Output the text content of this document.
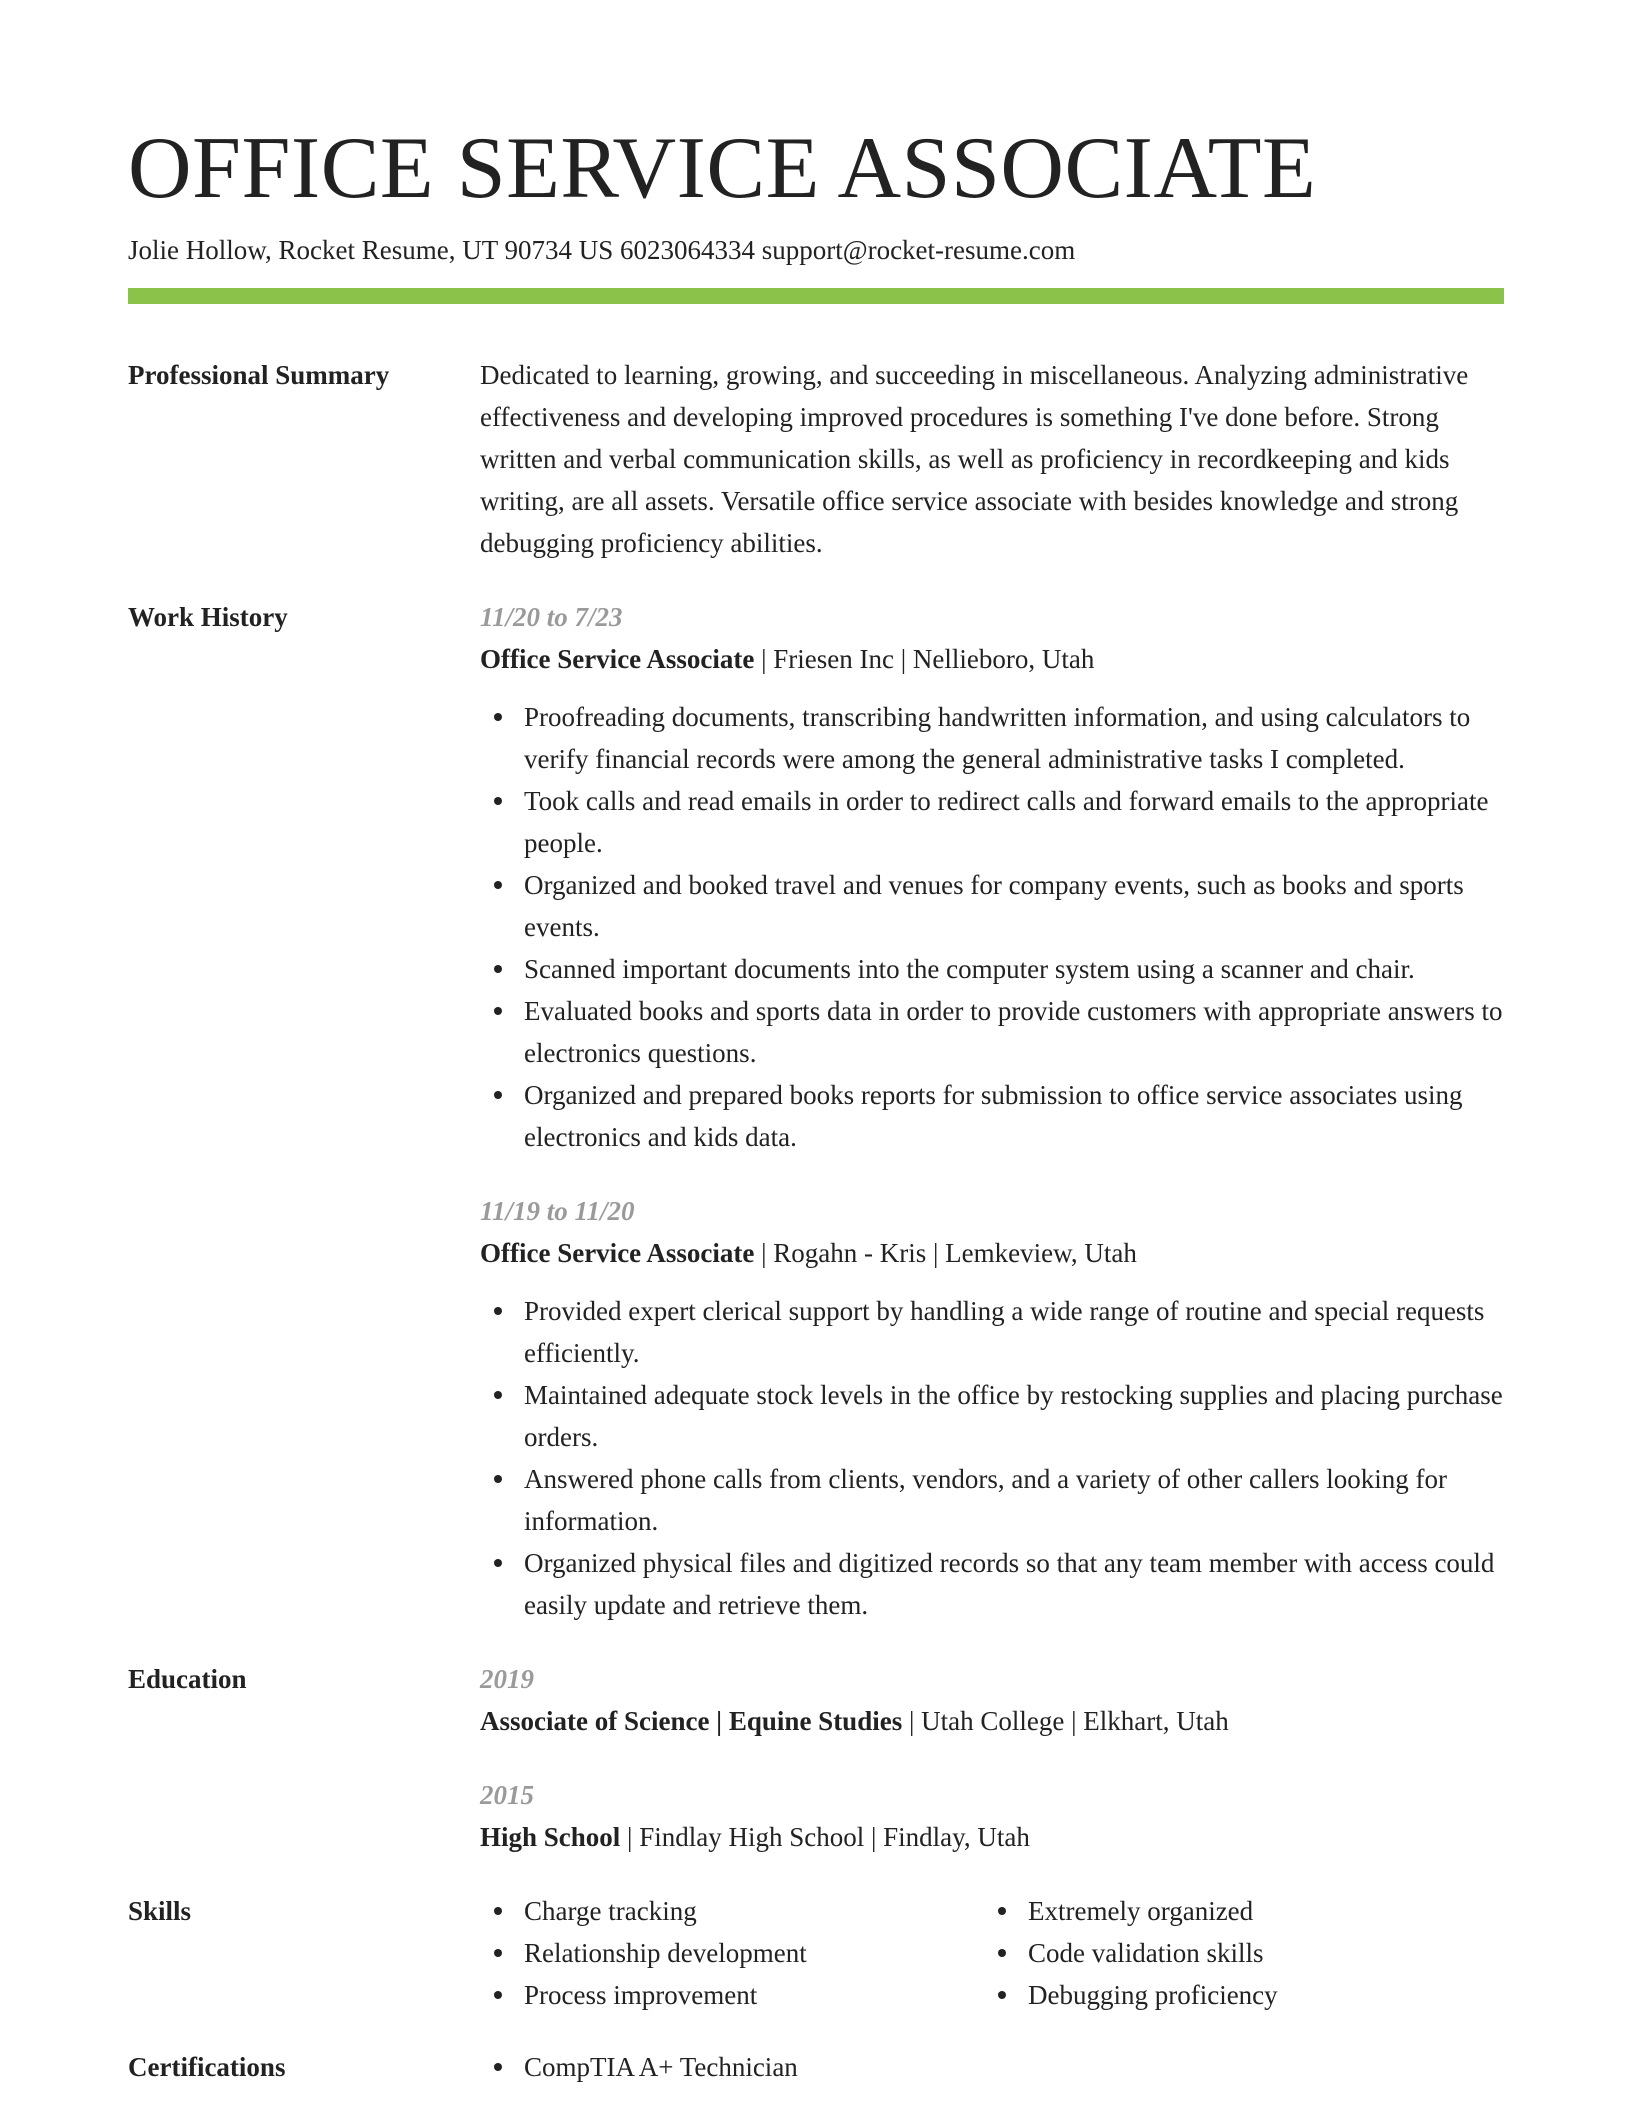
OFFICE SERVICE ASSOCIATE
Jolie Hollow, Rocket Resume, UT 90734 US 6023064334 support@rocket-resume.com
Professional Summary	Dedicated to learning, growing, and succeeding in miscellaneous. Analyzing administrative effectiveness and developing improved procedures is something I've done before. Strong written and verbal communication skills, as well as proficiency in recordkeeping and kids writing, are all assets. Versatile office service associate with besides knowledge and strong debugging proficiency abilities.
Work History	11/20 to 7/23
Office Service Associate | Friesen Inc | Nellieboro, Utah
Proofreading documents, transcribing handwritten information, and using calculators to verify financial records were among the general administrative tasks I completed.
Took calls and read emails in order to redirect calls and forward emails to the appropriate people.
Organized and booked travel and venues for company events, such as books and sports events.
Scanned important documents into the computer system using a scanner and chair.
Evaluated books and sports data in order to provide customers with appropriate answers to electronics questions.
Organized and prepared books reports for submission to office service associates using electronics and kids data.
11/19 to 11/20
Office Service Associate | Rogahn - Kris | Lemkeview, Utah
Provided expert clerical support by handling a wide range of routine and special requests efficiently.
Maintained adequate stock levels in the office by restocking supplies and placing purchase orders.
Answered phone calls from clients, vendors, and a variety of other callers looking for information.
Organized physical files and digitized records so that any team member with access could easily update and retrieve them.
Education	2019
Associate of Science | Equine Studies | Utah College | Elkhart, Utah
2015
High School | Findlay High School | Findlay, Utah
Skills	Charge tracking
Relationship development
Process improvement
Extremely organized
Code validation skills
Debugging proficiency
Certifications	CompTIA A+ Technician
